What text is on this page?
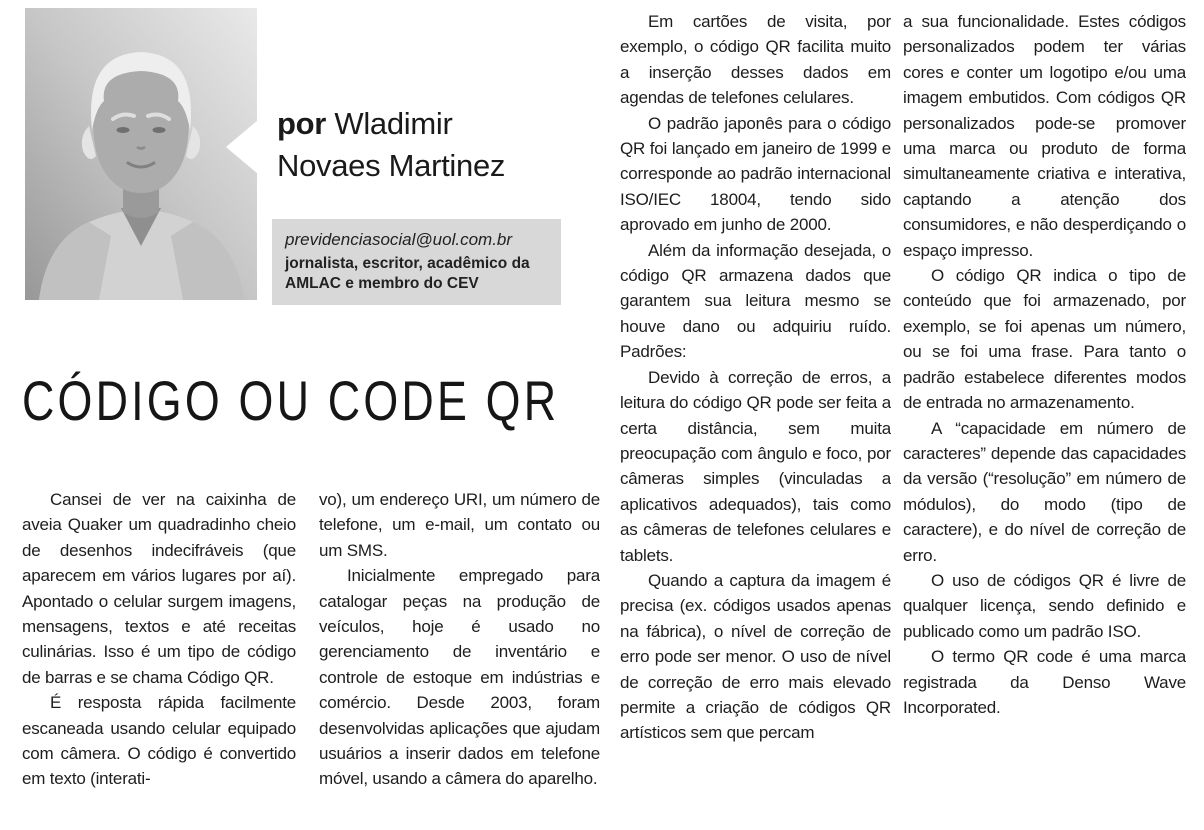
por Wladimir
Novaes Martinez
previdenciasocial@uol.com.br
jornalista, escritor, acadêmico da AMLAC e membro do CEV
CÓDIGO OU CODE QR

Cansei de ver na caixinha de aveia Quaker um quadradinho cheio de desenhos indecifráveis (que aparecem em vários lugares por aí). Apontado o celular surgem imagens, mensagens, textos e até receitas culinárias. Isso é um tipo de código de barras e se chama Código QR.

É resposta rápida facilmente escaneada usando celular equipado com câmera. O código é convertido em texto (interati-

vo), um endereço URI, um número de telefone, um e-mail, um contato ou um SMS.

Inicialmente empregado para catalogar peças na produção de veículos, hoje é usado no gerenciamento de inventário e controle de estoque em indústrias e comércio. Desde 2003, foram desenvolvidas aplicações que ajudam usuários a inserir dados em telefone móvel, usando a câmera do aparelho.

Em cartões de visita, por exemplo, o código QR facilita muito a inserção desses dados em agendas de telefones celulares.

O padrão japonês para o código QR foi lançado em janeiro de 1999 e corresponde ao padrão internacional ISO/IEC 18004, tendo sido aprovado em junho de 2000.

Além da informação desejada, o código QR armazena dados que garantem sua leitura mesmo se houve dano ou adquiriu ruído. Padrões:

Devido à correção de erros, a leitura do código QR pode ser feita a certa distância, sem muita preocupação com ângulo e foco, por câmeras simples (vinculadas a aplicativos adequados), tais como as câmeras de telefones celulares e tablets.

Quando a captura da imagem é precisa (ex. códigos usados apenas na fábrica), o nível de correção de erro pode ser menor. O uso de nível de correção de erro mais elevado permite a criação de códigos QR artísticos sem que percam

a sua funcionalidade. Estes códigos personalizados podem ter várias cores e conter um logotipo e/ou uma imagem embutidos. Com códigos QR personalizados pode-se promover uma marca ou produto de forma simultaneamente criativa e interativa, captando a atenção dos consumidores, e não desperdiçando o espaço impresso.

O código QR indica o tipo de conteúdo que foi armazenado, por exemplo, se foi apenas um número, ou se foi uma frase. Para tanto o padrão estabelece diferentes modos de entrada no armazenamento.

A “capacidade em número de caracteres” depende das capacidades da versão (“resolução” em número de módulos), do modo (tipo de caractere), e do nível de correção de erro.

O uso de códigos QR é livre de qualquer licença, sendo definido e publicado como um padrão ISO.

O termo QR code é uma marca registrada da Denso Wave Incorporated.
